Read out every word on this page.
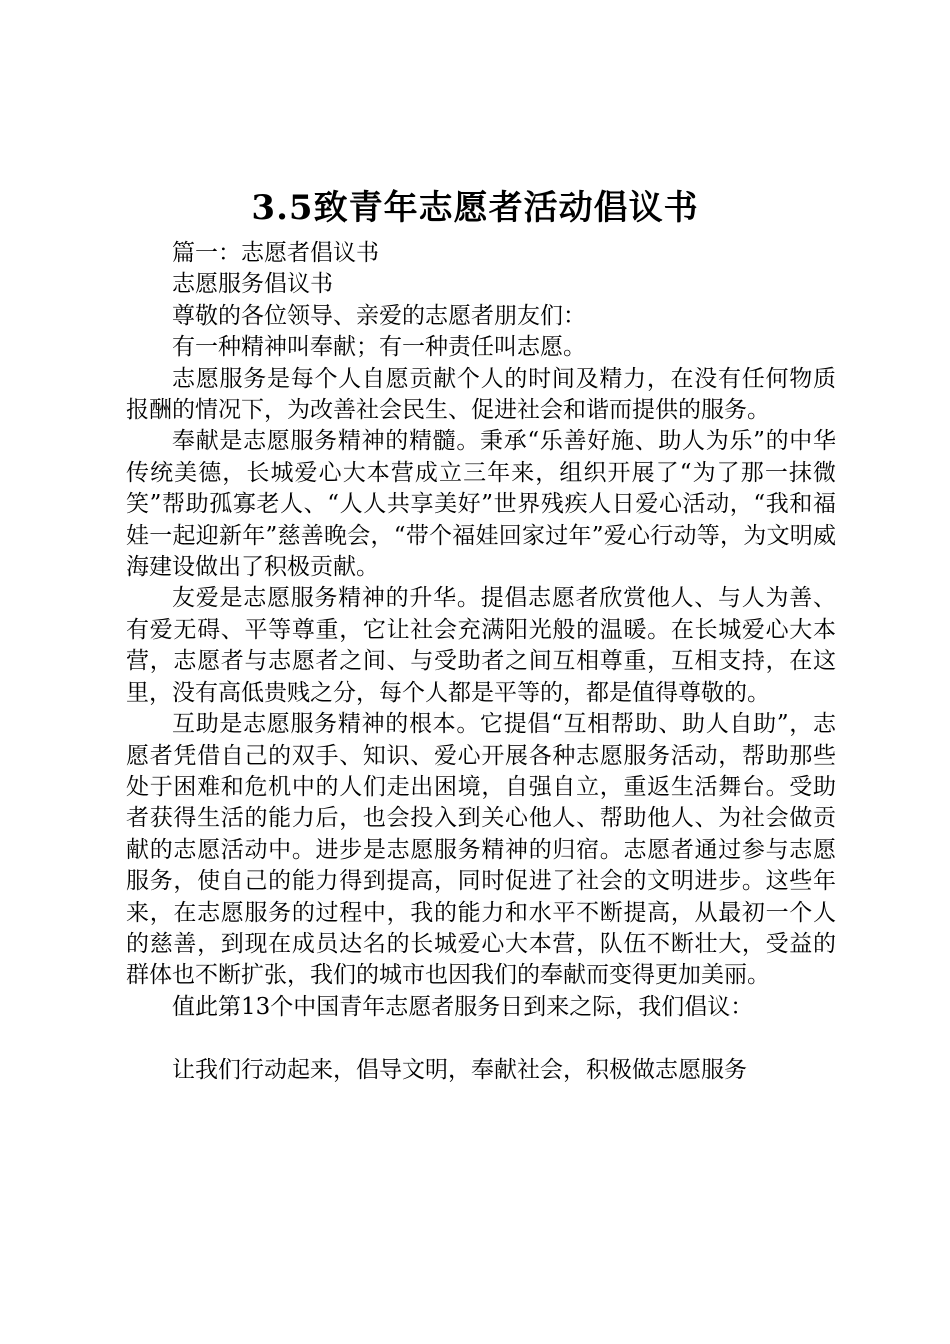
3.5致青年志愿者活动倡议书

篇一：志愿者倡议书

志愿服务倡议书

尊敬的各位领导、亲爱的志愿者朋友们：

有一种精神叫奉献；有一种责任叫志愿。

志愿服务是每个人自愿贡献个人的时间及精力，在没有任何物质报酬的情况下，为改善社会民生、促进社会和谐而提供的服务。

奉献是志愿服务精神的精髓。秉承“乐善好施、助人为乐”的中华传统美德，长城爱心大本营成立三年来，组织开展了“为了那一抹微笑”帮助孤寡老人、“人人共享美好”世界残疾人日爱心活动，“我和福娃一起迎新年”慈善晚会，“带个福娃回家过年”爱心行动等，为文明威海建设做出了积极贡献。

友爱是志愿服务精神的升华。提倡志愿者欣赏他人、与人为善、有爱无碍、平等尊重，它让社会充满阳光般的温暖。在长城爱心大本营，志愿者与志愿者之间、与受助者之间互相尊重，互相支持，在这里，没有高低贵贱之分，每个人都是平等的，都是值得尊敬的。

互助是志愿服务精神的根本。它提倡“互相帮助、助人自助”，志愿者凭借自己的双手、知识、爱心开展各种志愿服务活动，帮助那些处于困难和危机中的人们走出困境，自强自立，重返生活舞台。受助者获得生活的能力后，也会投入到关心他人、帮助他人、为社会做贡献的志愿活动中。进步是志愿服务精神的归宿。志愿者通过参与志愿服务，使自己的能力得到提高，同时促进了社会的文明进步。这些年来，在志愿服务的过程中，我的能力和水平不断提高，从最初一个人的慈善，到现在成员达名的长城爱心大本营，队伍不断壮大，受益的群体也不断扩张，我们的城市也因我们的奉献而变得更加美丽。

值此第13个中国青年志愿者服务日到来之际，我们倡议：

让我们行动起来，倡导文明，奉献社会，积极做志愿服务
